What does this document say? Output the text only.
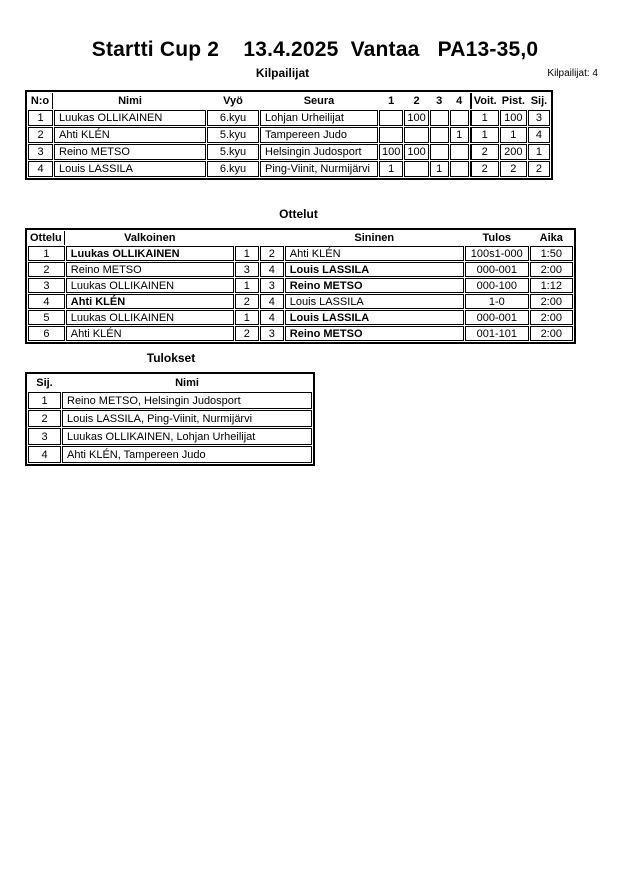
Startti Cup 2    13.4.2025  Vantaa   PA13-35,0
Kilpailijat	Kilpailijat: 4
N:o	Nimi	Vyö	Seura	1	2	3	4	Voit.	Pist.	Sij.
1	Luukas OLLIKAINEN	6.kyu	Lohjan Urheilijat		100			1	100	3
2	Ahti KLÉN	5.kyu	Tampereen Judo				1	1	1	4
3	Reino METSO	5.kyu	Helsingin Judosport	100	100			2	200	1
4	Louis LASSILA	6.kyu	Ping-Viinit, Nurmijärvi	1		1		2	2	2
Ottelut
Ottelu	Valkoinen			Sininen	Tulos	Aika
1	Luukas OLLIKAINEN	1	2	Ahti KLÉN	100s1-000	1:50
2	Reino METSO	3	4	Louis LASSILA	000-001	2:00
3	Luukas OLLIKAINEN	1	3	Reino METSO	000-100	1:12
4	Ahti KLÉN	2	4	Louis LASSILA	1-0	2:00
5	Luukas OLLIKAINEN	1	4	Louis LASSILA	000-001	2:00
6	Ahti KLÉN	2	3	Reino METSO	001-101	2:00
Tulokset
Sij.	Nimi
1	Reino METSO, Helsingin Judosport
2	Louis LASSILA, Ping-Viinit, Nurmijärvi
3	Luukas OLLIKAINEN, Lohjan Urheilijat
4	Ahti KLÉN, Tampereen Judo
